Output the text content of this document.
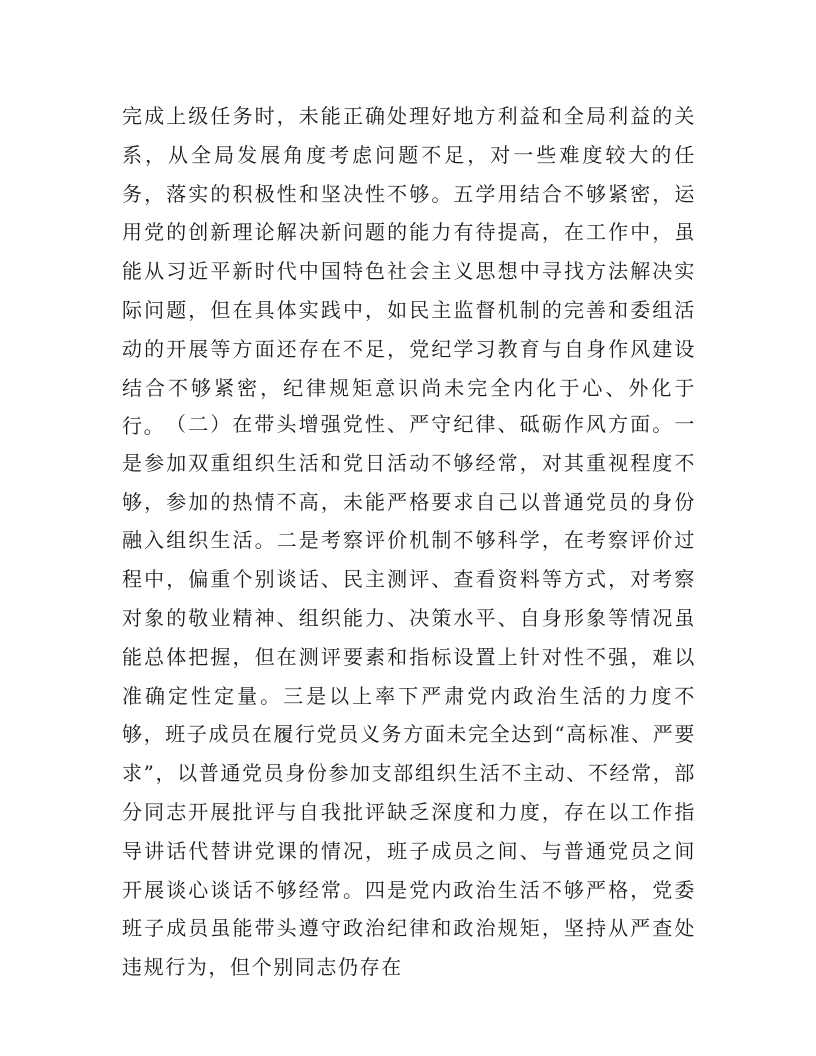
完成上级任务时，未能正确处理好地方利益和全局利益的关系，从全局发展角度考虑问题不足，对一些难度较大的任务，落实的积极性和坚决性不够。五学用结合不够紧密，运用党的创新理论解决新问题的能力有待提高，在工作中，虽能从习近平新时代中国特色社会主义思想中寻找方法解决实际问题，但在具体实践中，如民主监督机制的完善和委组活动的开展等方面还存在不足，党纪学习教育与自身作风建设结合不够紧密，纪律规矩意识尚未完全内化于心、外化于行。 （二）在带头增强党性、严守纪律、砥砺作风方面。一是参加双重组织生活和党日活动不够经常，对其重视程度不够，参加的热情不高，未能严格要求自己以普通党员的身份融入组织生活。二是考察评价机制不够科学，在考察评价过程中，偏重个别谈话、民主测评、查看资料等方式，对考察对象的敬业精神、组织能力、决策水平、自身形象等情况虽能总体把握，但在测评要素和指标设置上针对性不强，难以准确定性定量。三是以上率下严肃党内政治生活的力度不够，班子成员在履行党员义务方面未完全达到“高标准、严要求”，以普通党员身份参加支部组织生活不主动、不经常，部分同志开展批评与自我批评缺乏深度和力度，存在以工作指导讲话代替讲党课的情况，班子成员之间、与普通党员之间开展谈心谈话不够经常。四是党内政治生活不够严格，党委班子成员虽能带头遵守政治纪律和政治规矩，坚持从严查处违规行为，但个别同志仍存在
